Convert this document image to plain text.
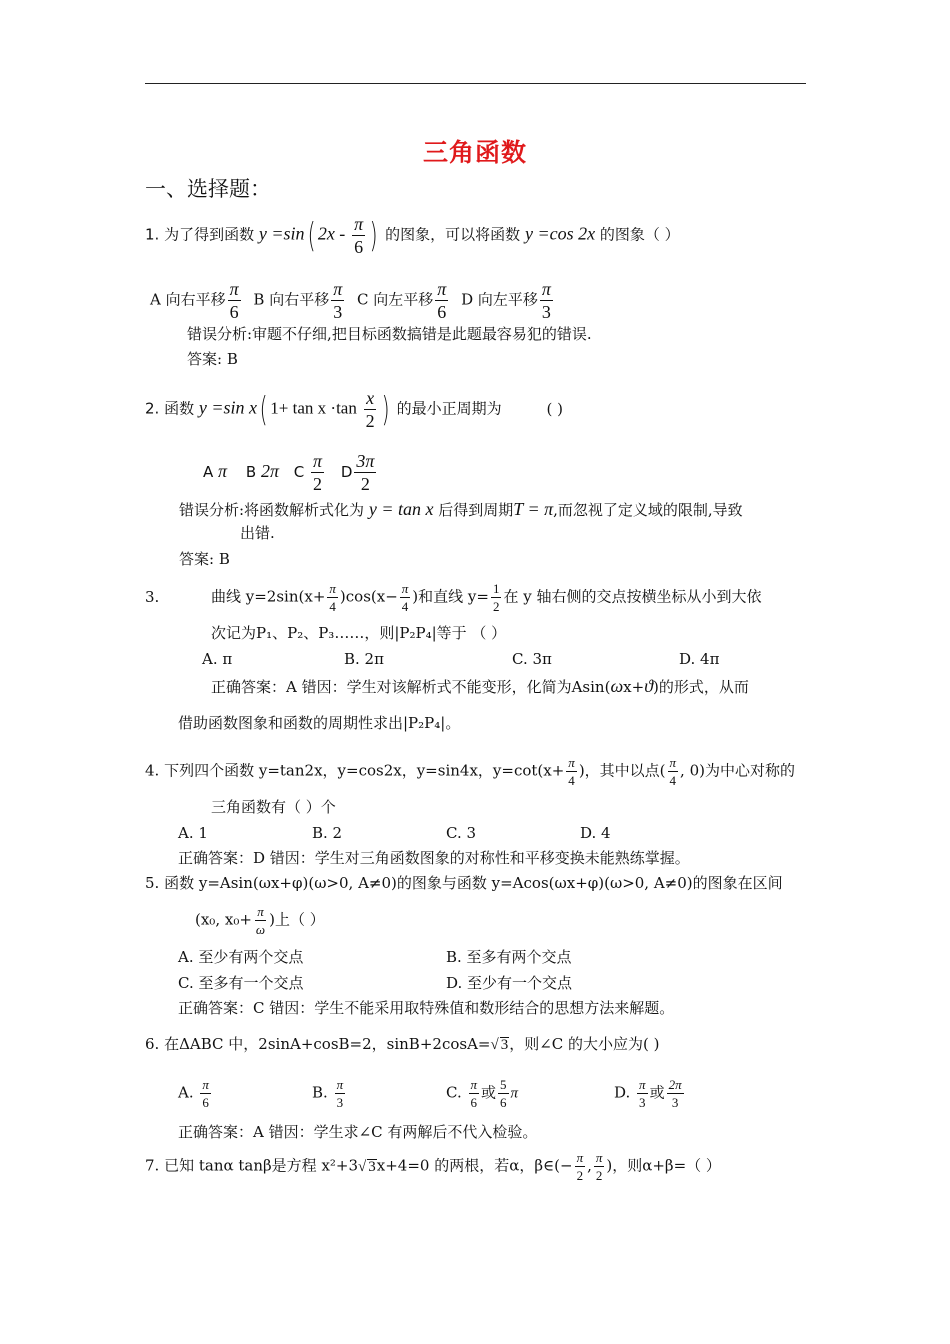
三角函数
一、选择题：
1. 为了得到函数 y =sin( $2x - \frac{\pi}{6}$ ) 的图象，可以将函数 y =cos 2x 的图象（ ）
A 向右平移 $\frac{\pi}{6}$ B 向右平移 $\frac{\pi}{3}$ C 向左平移 $\frac{\pi}{6}$ D 向左平移 $\frac{\pi}{3}$
错误分析:审题不仔细,把目标函数搞错是此题最容易犯的错误.
答案: B
2. 函数 y =sin x( $1+ \tan x \cdot\tan \frac{x}{2}$ ) 的最小正周期为	( )
A π B 2π C $\frac{\pi}{2}$ D $\frac{3\pi}{2}$
错误分析:将函数解析式化为 y = tan x 后得到周期T = π,而忽视了定义域的限制,导致
出错.
答案: B
3.	曲线 $y=2\sin(x+ \frac{\pi}{4} )\cos(x- \frac{\pi}{4}$ )和直线 $y= \frac{1}{2}$ 在 y 轴右侧的交点按横坐标从小到大依
次记为P₁、P₂、P₃……，则|P₂P₄|等于 （ ）
A. π	B. 2π	C. 3π	D. 4π
正确答案：A 错因：学生对该解析式不能变形，化简为Asin(ωx+ϑ)的形式，从而
借助函数图象和函数的周期性求出|P₂P₄|。
4. 下列四个函数 y=tan2x，y=cos2x，y=sin4x，$y=\cot(x+ \frac{\pi}{4}$ )，其中以点( $\frac{\pi}{4}$ , 0)为中心对称的
三角函数有（ ）个
A. 1	B. 2	C. 3	D. 4
正确答案：D 错因：学生对三角函数图象的对称性和平移变换未能熟练掌握。
5. 函数 y=Asin(ωx+φ)(ω>0, A≠0)的图象与函数 y=Acos(ωx+φ)(ω>0, A≠0)的图象在区间
(x₀, $x_0+ \frac{\pi}{\omega}$ )上（ ）
A. 至少有两个交点	B. 至多有两个交点
C. 至多有一个交点	D. 至少有一个交点
正确答案：C 错因：学生不能采用取特殊值和数形结合的思想方法来解题。
6. 在ΔABC 中，2sinA+cosB=2，sinB+2cosA=√ 3，则∠C 的大小应为( )
A. $\frac{\pi}{6}$	B. $\frac{\pi}{3}$	C. $\frac{\pi}{6}$ 或 $\frac{5}{6}$ π	D. $\frac{\pi}{3}$ 或 $\frac{2\pi}{3}$
正确答案：A 错因：学生求∠C 有两解后不代入检验。
7. 已知 tanα tanβ是方程 x²+3√ 3x+4=0 的两根，若α，β∈(− $\frac{\pi}{2}$ , $\frac{\pi}{2}$ )，则α+β=（ ）
